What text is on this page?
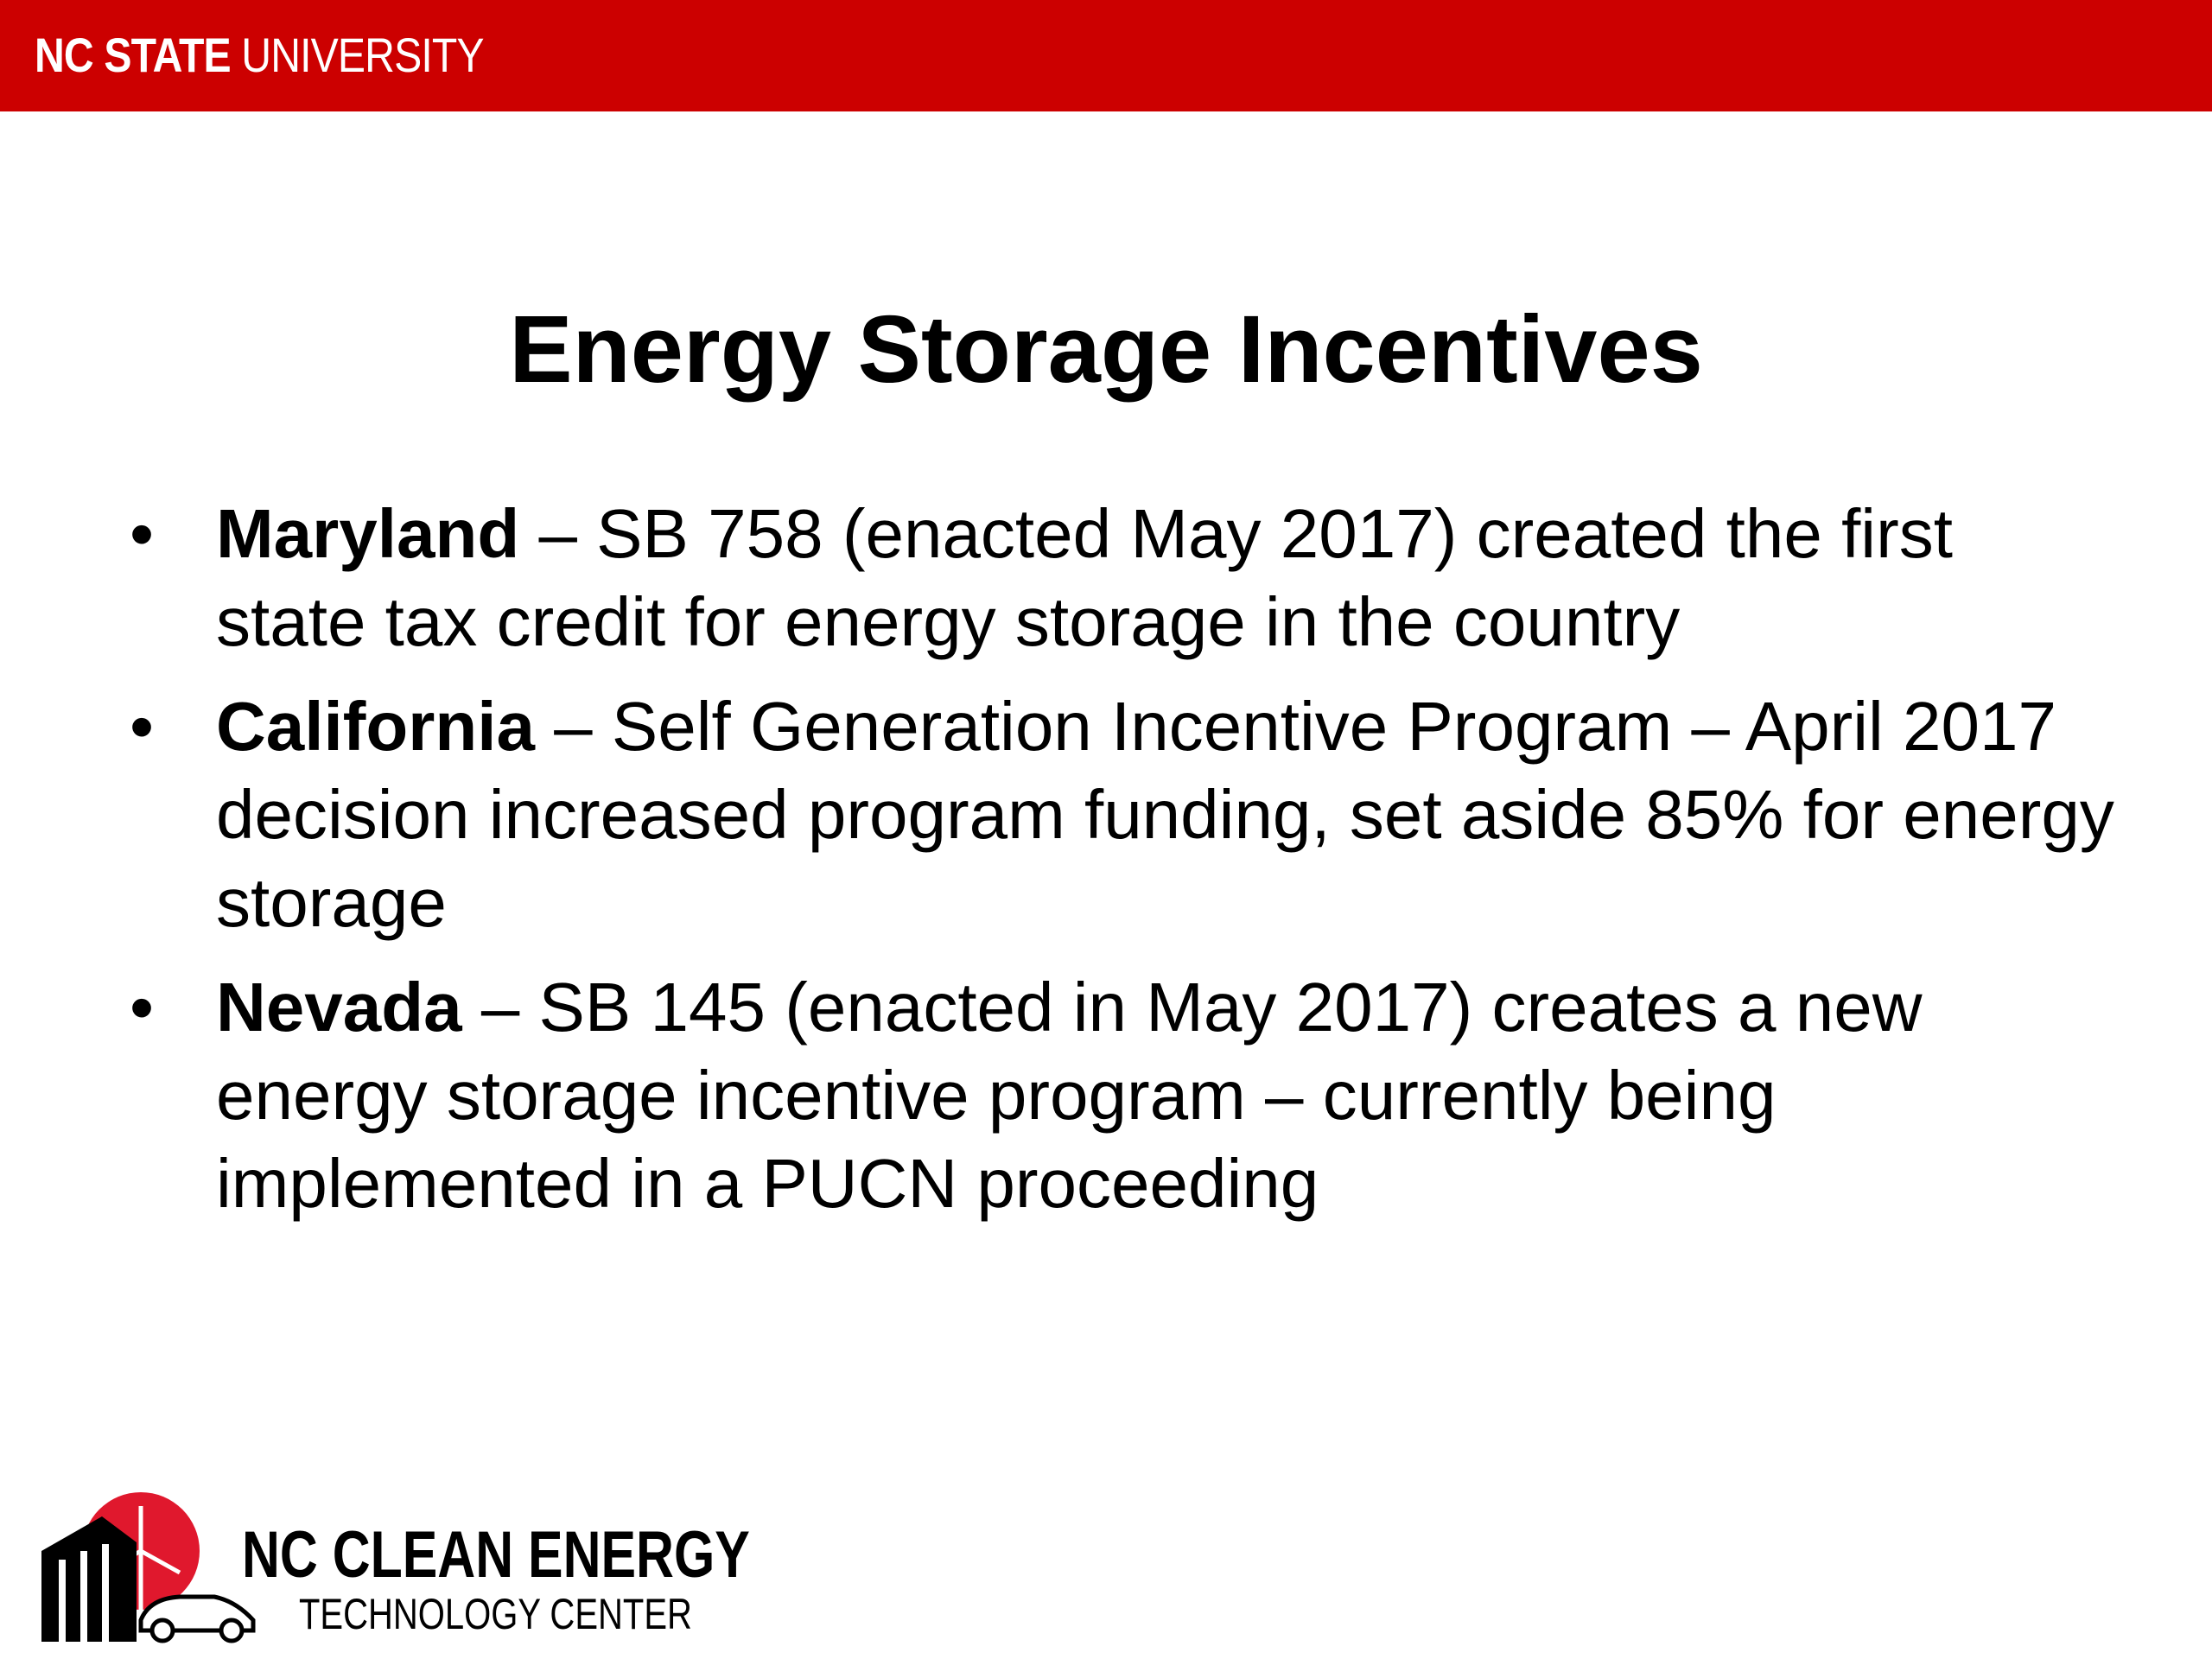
NC STATE UNIVERSITY
Energy Storage Incentives
• Maryland – SB 758 (enacted May 2017) created the first state tax credit for energy storage in the country
• California – Self Generation Incentive Program – April 2017 decision increased program funding, set aside 85% for energy storage
• Nevada – SB 145 (enacted in May 2017) creates a new energy storage incentive program – currently being implemented in a PUCN proceeding
NC CLEAN ENERGY
TECHNOLOGY CENTER
